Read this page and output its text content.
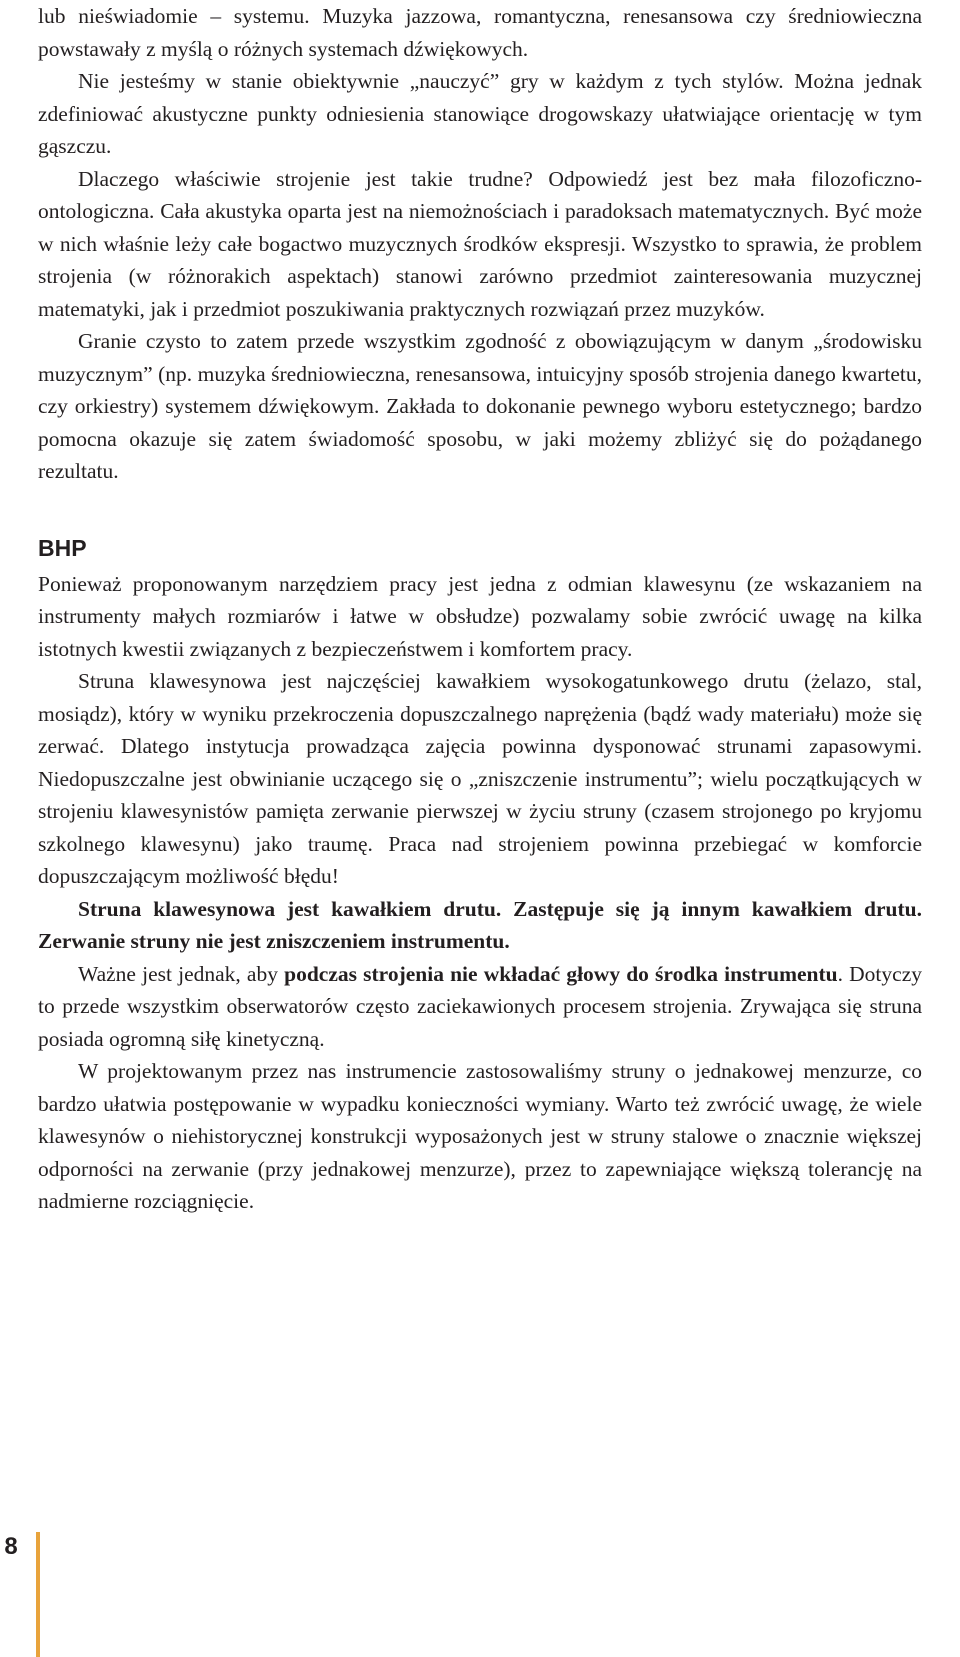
lub nieświadomie – systemu. Muzyka jazzowa, romantyczna, renesansowa czy średniowieczna powstawały z myślą o różnych systemach dźwiękowych.

Nie jesteśmy w stanie obiektywnie „nauczyć” gry w każdym z tych stylów. Można jednak zdefiniować akustyczne punkty odniesienia stanowiące drogowskazy ułatwiające orientację w tym gąszczu.

Dlaczego właściwie strojenie jest takie trudne? Odpowiedź jest bez mała filozoficzno-ontologiczna. Cała akustyka oparta jest na niemożnościach i paradoksach matematycznych. Być może w nich właśnie leży całe bogactwo muzycznych środków ekspresji. Wszystko to sprawia, że problem strojenia (w różnorakich aspektach) stanowi zarówno przedmiot zainteresowania muzycznej matematyki, jak i przedmiot poszukiwania praktycznych rozwiązań przez muzyków.

Granie czysto to zatem przede wszystkim zgodność z obowiązującym w danym „środowisku muzycznym” (np. muzyka średniowieczna, renesansowa, intuicyjny sposób strojenia danego kwartetu, czy orkiestry) systemem dźwiękowym. Zakłada to dokonanie pewnego wyboru estetycznego; bardzo pomocna okazuje się zatem świadomość sposobu, w jaki możemy zbliżyć się do pożądanego rezultatu.

BHP

Ponieważ proponowanym narzędziem pracy jest jedna z odmian klawesynu (ze wskazaniem na instrumenty małych rozmiarów i łatwe w obsłudze) pozwalamy sobie zwrócić uwagę na kilka istotnych kwestii związanych z bezpieczeństwem i komfortem pracy.

Struna klawesynowa jest najczęściej kawałkiem wysokogatunkowego drutu (żelazo, stal, mosiądz), który w wyniku przekroczenia dopuszczalnego naprężenia (bądź wady materiału) może się zerwać. Dlatego instytucja prowadząca zajęcia powinna dysponować strunami zapasowymi. Niedopuszczalne jest obwinianie uczącego się o „zniszczenie instrumentu”; wielu początkujących w strojeniu klawesynistów pamięta zerwanie pierwszej w życiu struny (czasem strojonego po kryjomu szkolnego klawesynu) jako traumę. Praca nad strojeniem powinna przebiegać w komforcie dopuszczającym możliwość błędu!

Struna klawesynowa jest kawałkiem drutu. Zastępuje się ją innym kawałkiem drutu. Zerwanie struny nie jest zniszczeniem instrumentu.

Ważne jest jednak, aby podczas strojenia nie wkładać głowy do środka instrumentu. Dotyczy to przede wszystkim obserwatorów często zaciekawionych procesem strojenia. Zrywająca się struna posiada ogromną siłę kinetyczną.

W projektowanym przez nas instrumencie zastosowaliśmy struny o jednakowej menzurze, co bardzo ułatwia postępowanie w wypadku konieczności wymiany. Warto też zwrócić uwagę, że wiele klawesynów o niehistorycznej konstrukcji wyposażonych jest w struny stalowe o znacznie większej odporności na zerwanie (przy jednakowej menzurze), przez to zapewniające większą tolerancję na nadmierne rozciągnięcie.

8
